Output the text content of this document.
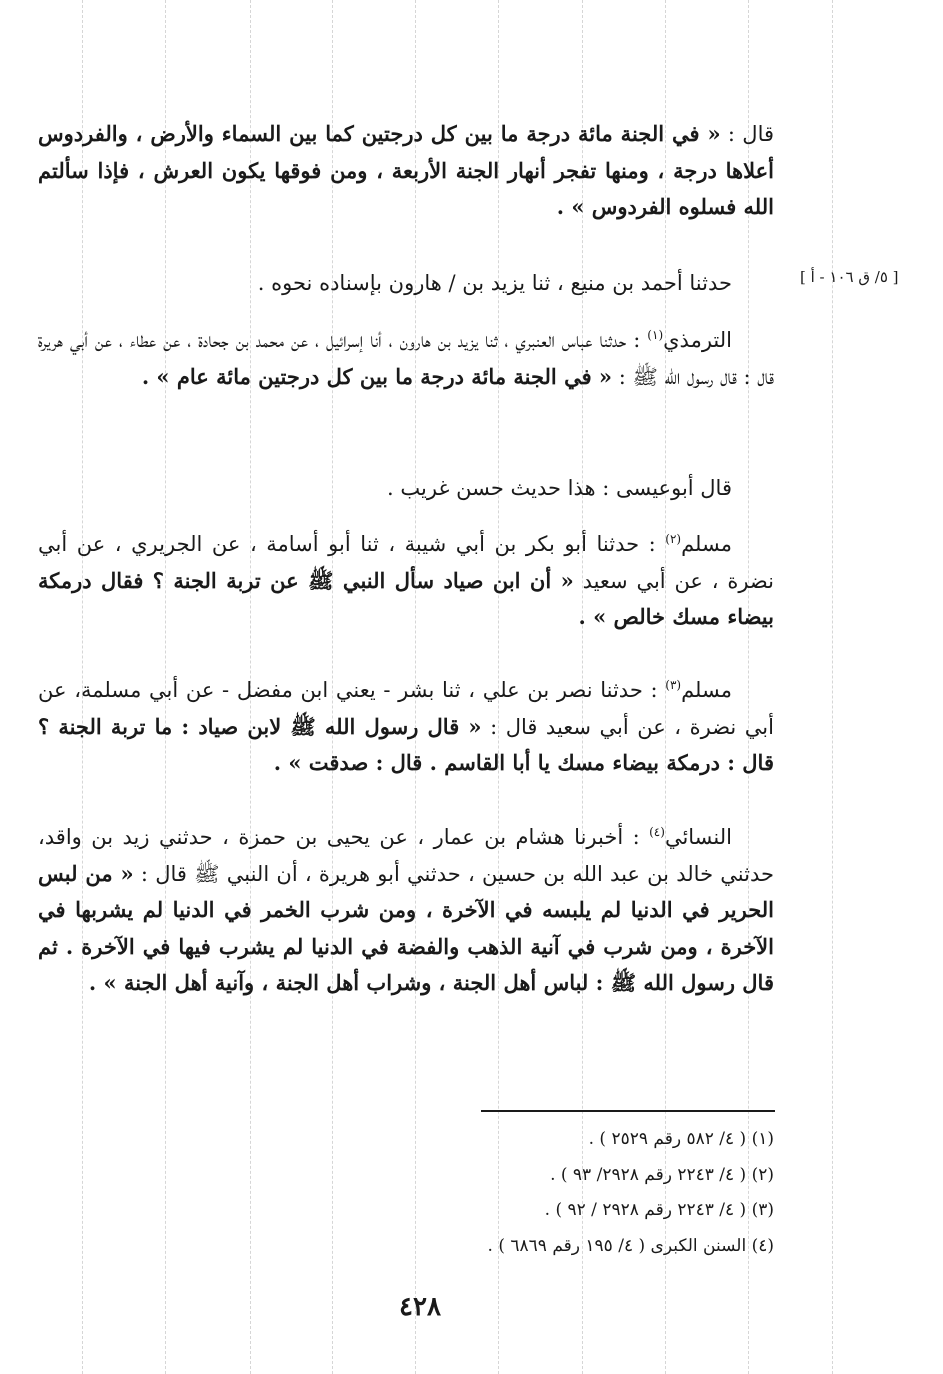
[ ٥/ ق ١٠٦ - أ ]

قال : « في الجنة مائة درجة ما بين كل درجتين كما بين السماء والأرض ، والفردوس أعلاها درجة ، ومنها تفجر أنهار الجنة الأربعة ، ومن فوقها يكون العرش ، فإذا سألتم الله فسلوه الفردوس » .

حدثنا أحمد بن منيع ، ثنا يزيد بن / هارون بإسناده نحوه .

الترمذي$^{(١)}$ : حدثنا عباس العنبري ، ثنا يزيد بن هارون ، أنا إسرائيل ، عن محمد بن جحادة ، عن عطاء ، عن أبي هريرة قال : قال رسول الله ﷺ : « في الجنة مائة درجة ما بين كل درجتين مائة عام » .

قال أبوعيسى : هذا حديث حسن غريب .

مسلم$^{(٢)}$ : حدثنا أبو بكر بن أبي شيبة ، ثنا أبو أسامة ، عن الجريري ، عن أبي نضرة ، عن أبي سعيد « أن ابن صياد سأل النبي ﷺ عن تربة الجنة ؟ فقال درمكة بيضاء مسك خالص » .

مسلم$^{(٣)}$ : حدثنا نصر بن علي ، ثنا بشر - يعني ابن مفضل - عن أبي مسلمة، عن أبي نضرة ، عن أبي سعيد قال : « قال رسول الله ﷺ لابن صياد : ما تربة الجنة ؟ قال : درمكة بيضاء مسك يا أبا القاسم . قال : صدقت » .

النسائي$^{(٤)}$ : أخبرنا هشام بن عمار ، عن يحيى بن حمزة ، حدثني زيد بن واقد، حدثني خالد بن عبد الله بن حسين ، حدثني أبو هريرة ، أن النبي ﷺ قال : « من لبس الحرير في الدنيا لم يلبسه في الآخرة ، ومن شرب الخمر في الدنيا لم يشربها في الآخرة ، ومن شرب في آنية الذهب والفضة في الدنيا لم يشرب فيها في الآخرة . ثم قال رسول الله ﷺ : لباس أهل الجنة ، وشراب أهل الجنة ، وآنية أهل الجنة » .

(١) ( ٤/ ٥٨٢ رقم ٢٥٢٩ ) .

(٢) ( ٤/ ٢٢٤٣ رقم ٢٩٢٨/ ٩٣ ) .

(٣) ( ٤/ ٢٢٤٣ رقم ٢٩٢٨ / ٩٢ ) .

(٤) السنن الكبرى ( ٤/ ١٩٥ رقم ٦٨٦٩ ) .

٤٢٨
